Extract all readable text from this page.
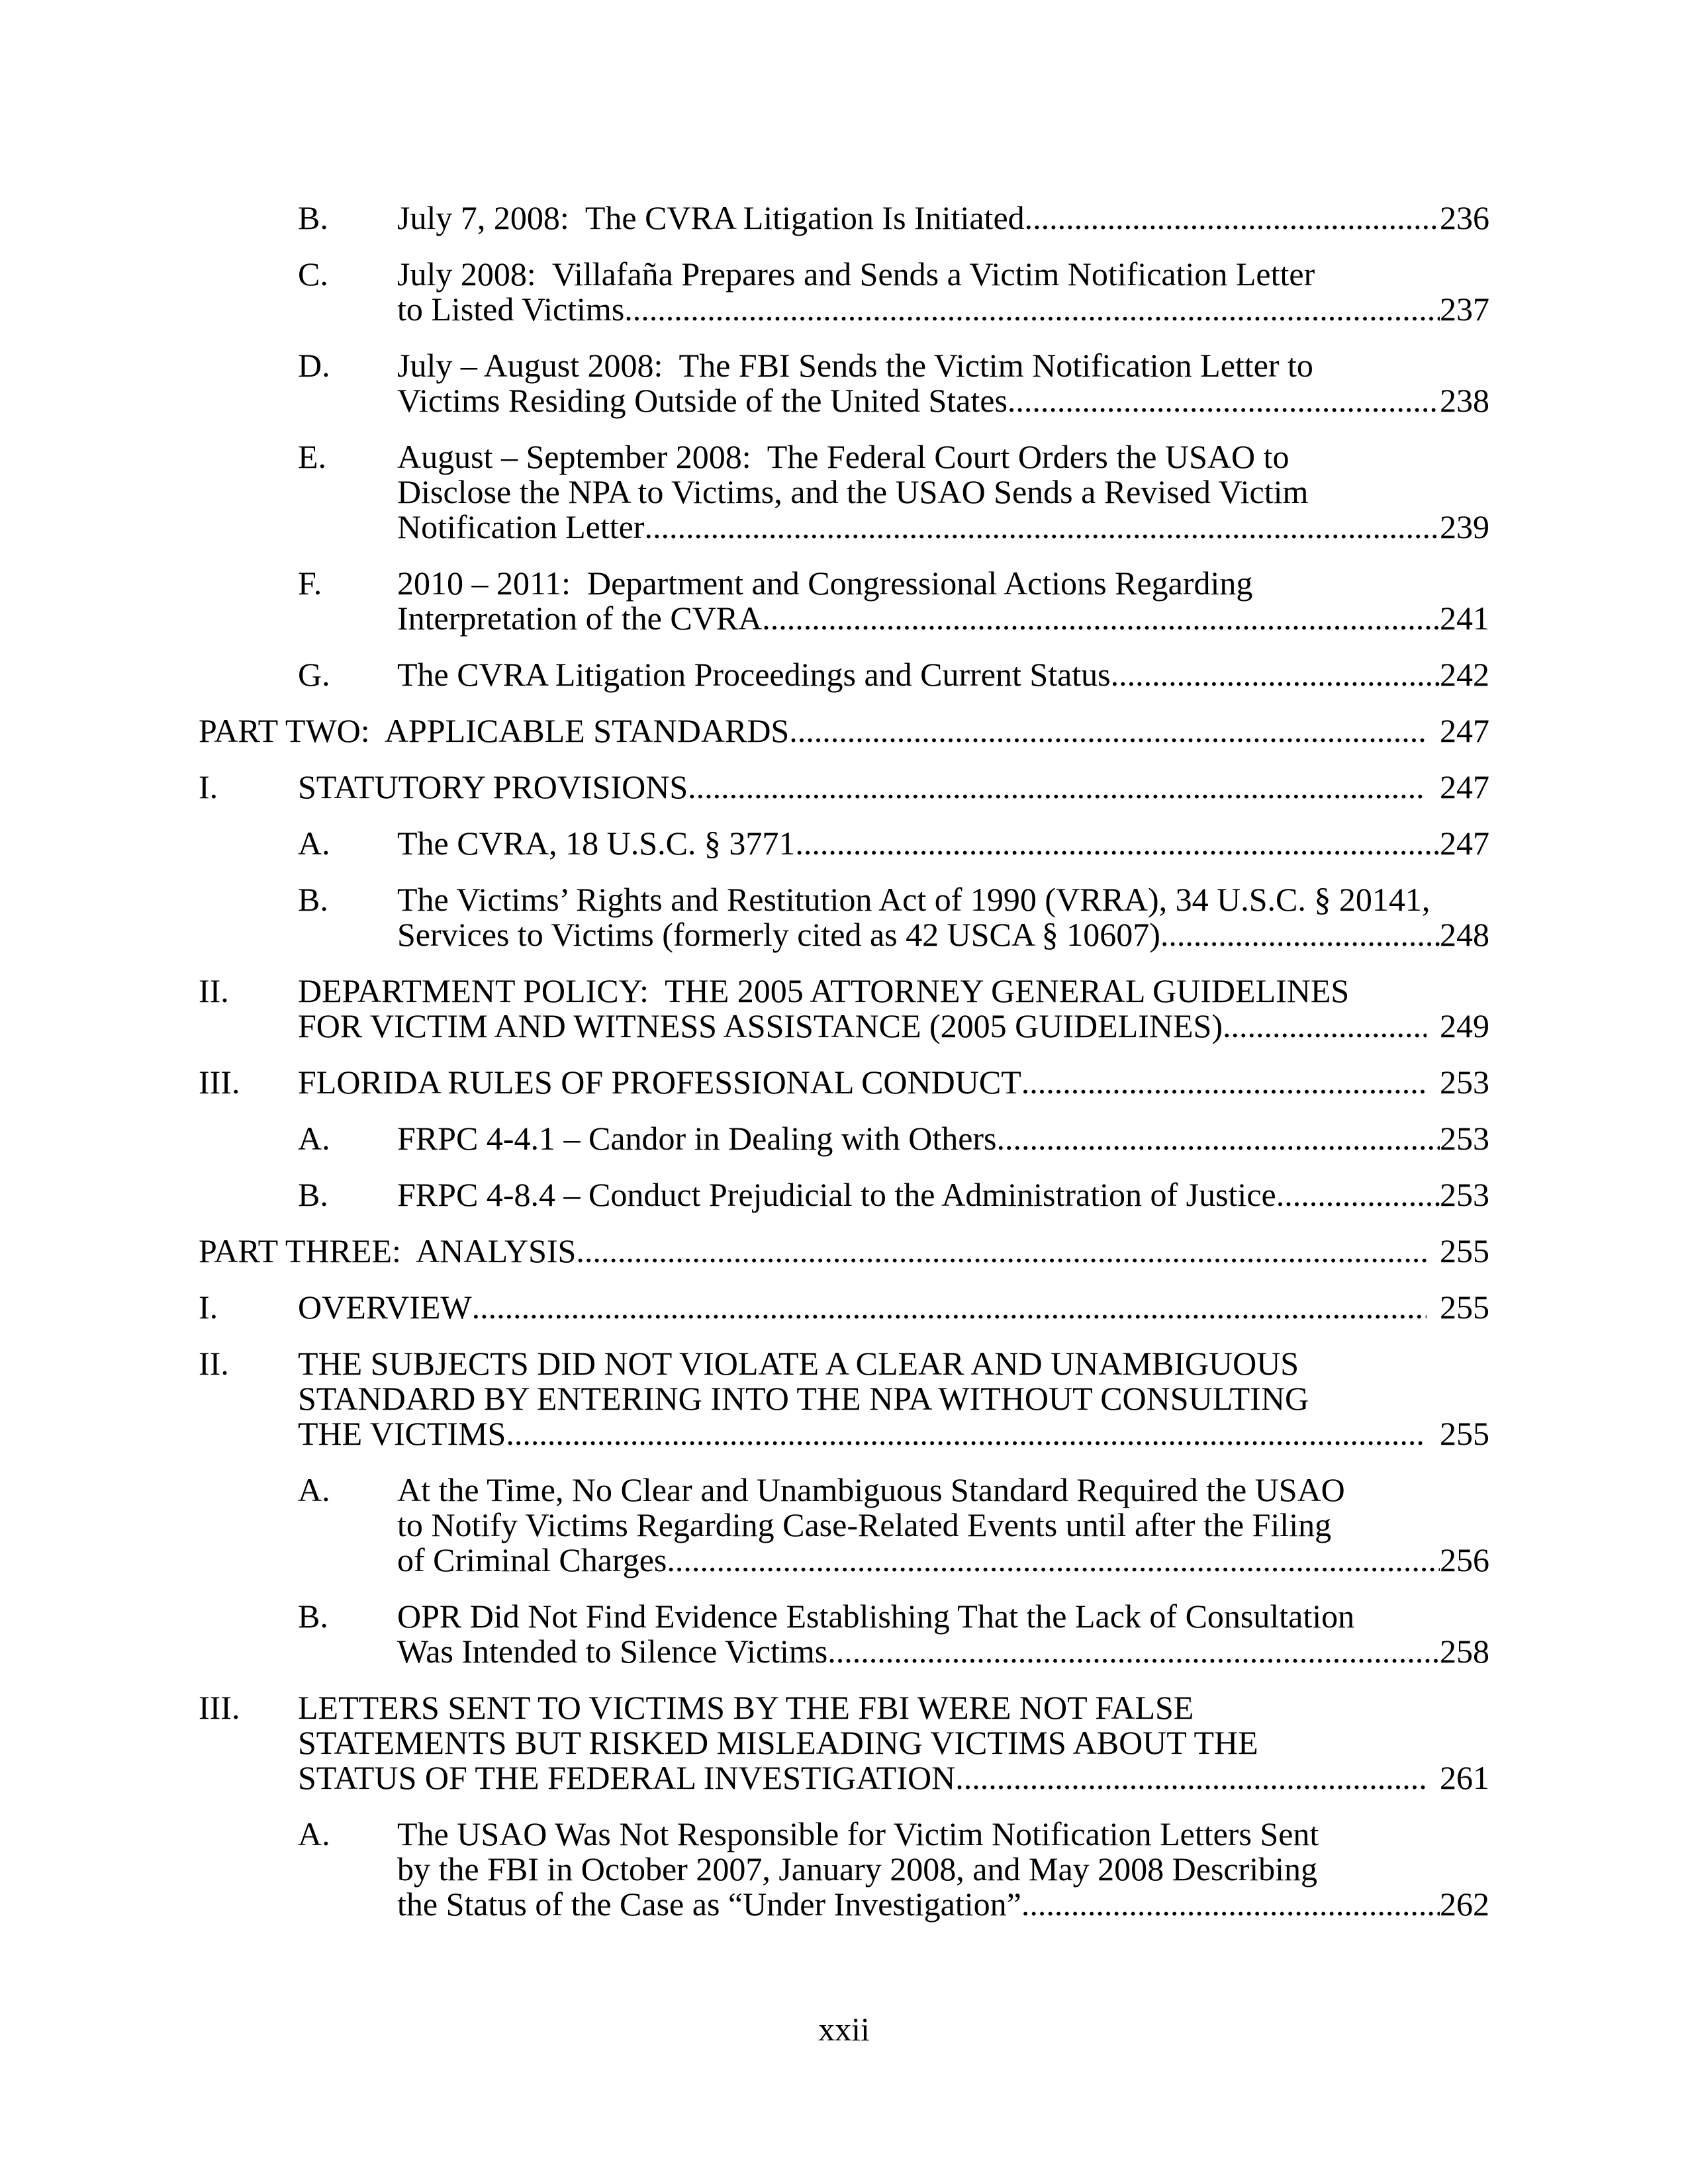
B.	July 7, 2008:  The CVRA Litigation Is Initiated .....	236
C.	July 2008:  Villafaña Prepares and Sends a Victim Notification Letter
to Listed Victims .....	237
D.	July – August 2008:  The FBI Sends the Victim Notification Letter to
Victims Residing Outside of the United States .....	238
E.	August – September 2008:  The Federal Court Orders the USAO to
Disclose the NPA to Victims, and the USAO Sends a Revised Victim
Notification Letter .....	239
F.	2010 – 2011:  Department and Congressional Actions Regarding
Interpretation of the CVRA .....	241
G.	The CVRA Litigation Proceedings and Current Status .....	242
PART TWO:  APPLICABLE STANDARDS .....	247
I.	STATUTORY PROVISIONS .....	247
A.	The CVRA, 18 U.S.C. § 3771 .....	247
B.	The Victims’ Rights and Restitution Act of 1990 (VRRA), 34 U.S.C. § 20141,
Services to Victims (formerly cited as 42 USCA § 10607) .....	248
II.	DEPARTMENT POLICY:  THE 2005 ATTORNEY GENERAL GUIDELINES
FOR VICTIM AND WITNESS ASSISTANCE (2005 GUIDELINES) .....	249
III.	FLORIDA RULES OF PROFESSIONAL CONDUCT .....	253
A.	FRPC 4-4.1 – Candor in Dealing with Others .....	253
B.	FRPC 4-8.4 – Conduct Prejudicial to the Administration of Justice .....	253
PART THREE:  ANALYSIS .....	255
I.	OVERVIEW .....	255
II.	THE SUBJECTS DID NOT VIOLATE A CLEAR AND UNAMBIGUOUS
STANDARD BY ENTERING INTO THE NPA WITHOUT CONSULTING
THE VICTIMS .....	255
A.	At the Time, No Clear and Unambiguous Standard Required the USAO
to Notify Victims Regarding Case-Related Events until after the Filing
of Criminal Charges .....	256
B.	OPR Did Not Find Evidence Establishing That the Lack of Consultation
Was Intended to Silence Victims .....	258
III.	LETTERS SENT TO VICTIMS BY THE FBI WERE NOT FALSE
STATEMENTS BUT RISKED MISLEADING VICTIMS ABOUT THE
STATUS OF THE FEDERAL INVESTIGATION .....	261
A.	The USAO Was Not Responsible for Victim Notification Letters Sent
by the FBI in October 2007, January 2008, and May 2008 Describing
the Status of the Case as “Under Investigation” .....	262
xxii
